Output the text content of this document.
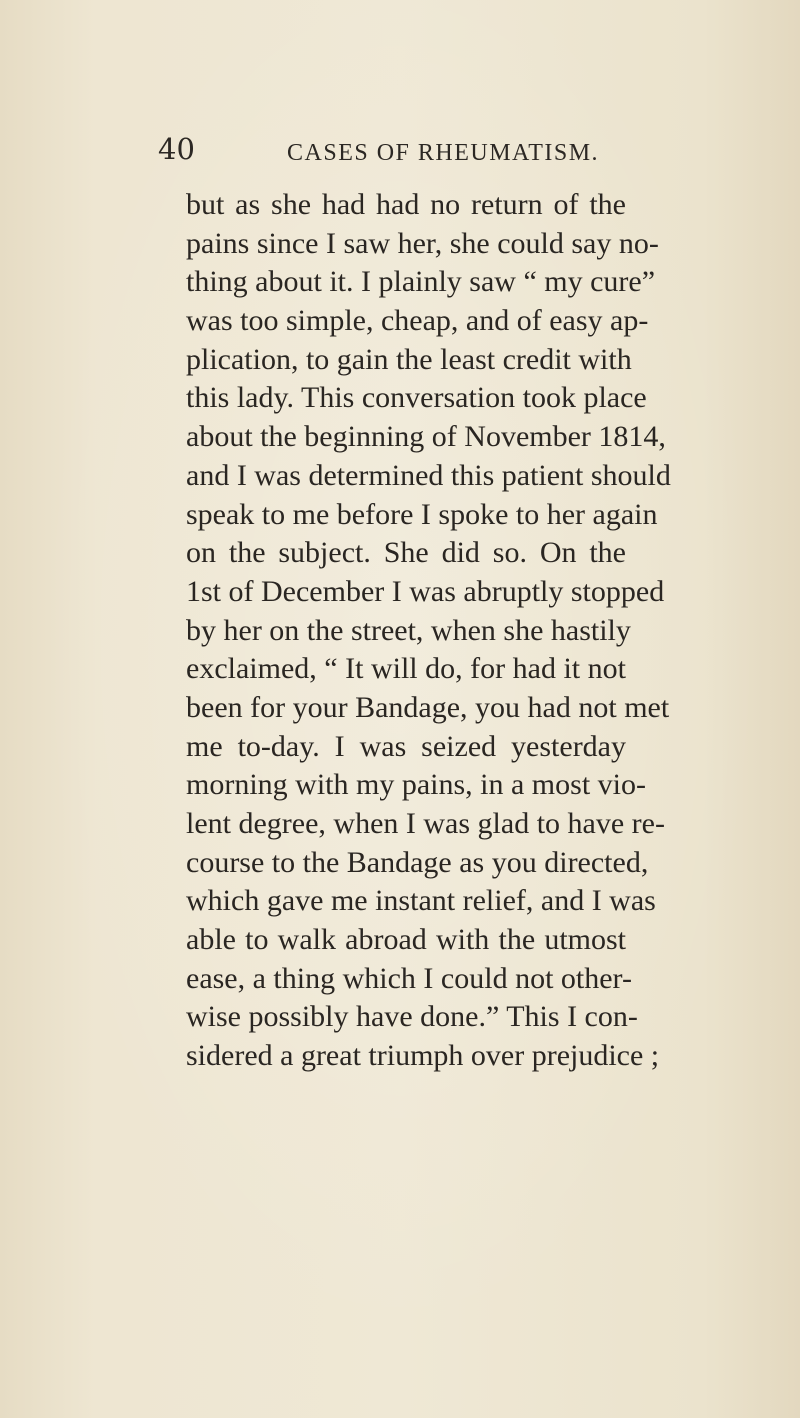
40	CASES OF RHEUMATISM.
but as she had had no return of the
pains since I saw her, she could say no-
thing about it. I plainly saw “ my cure”
was too simple, cheap, and of easy ap-
plication, to gain the least credit with
this lady. This conversation took place
about the beginning of November 1814,
and I was determined this patient should
speak to me before I spoke to her again
on the subject. She did so. On the
1st of December I was abruptly stopped
by her on the street, when she hastily
exclaimed, “ It will do, for had it not
been for your Bandage, you had not met
me to-day. I was seized yesterday
morning with my pains, in a most vio-
lent degree, when I was glad to have re-
course to the Bandage as you directed,
which gave me instant relief, and I was
able to walk abroad with the utmost
ease, a thing which I could not other-
wise possibly have done.” This I con-
sidered a great triumph over prejudice ;
